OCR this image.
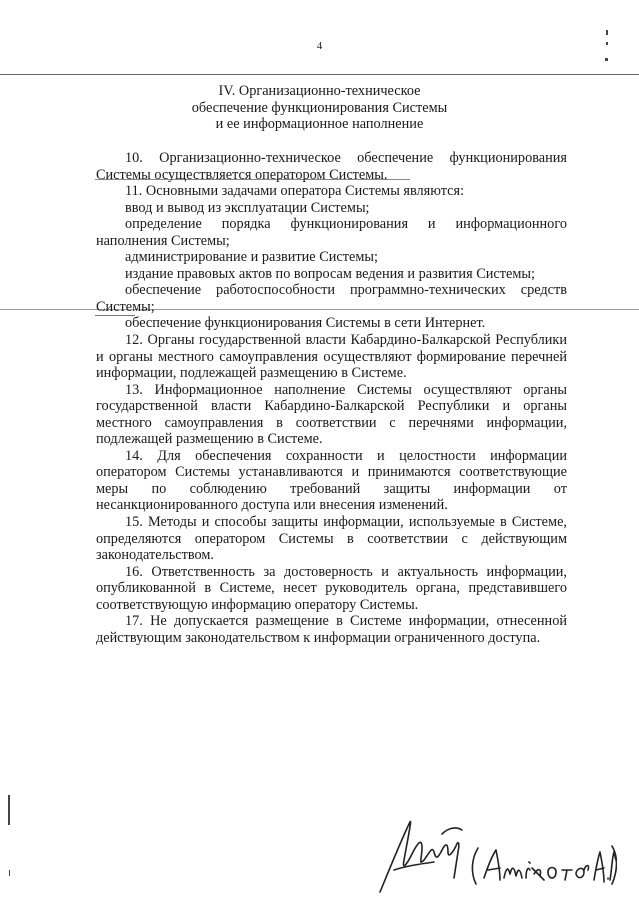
4
IV. Организационно-техническое
обеспечение функционирования Системы
и ее информационное наполнение
10. Организационно-техническое обеспечение функционирования Системы осуществляется оператором Системы.
11. Основными задачами оператора Системы являются:
ввод и вывод из эксплуатации Системы;
определение порядка функционирования и информационного наполнения Системы;
администрирование и развитие Системы;
издание правовых актов по вопросам ведения и развития Системы;
обеспечение работоспособности программно-технических средств Системы;
обеспечение функционирования Системы в сети Интернет.
12. Органы государственной власти Кабардино-Балкарской Республики и органы местного самоуправления осуществляют формирование перечней информации, подлежащей размещению в Системе.
13. Информационное наполнение Системы осуществляют органы государственной власти Кабардино-Балкарской Республики и органы местного самоуправления в соответствии с перечнями информации, подлежащей размещению в Системе.
14. Для обеспечения сохранности и целостности информации оператором Системы устанавливаются и принимаются соответствующие меры по соблюдению требований защиты информации от несанкционированного доступа или внесения изменений.
15. Методы и способы защиты информации, используемые в Системе, определяются оператором Системы в соответствии с действующим законодательством.
16. Ответственность за достоверность и актуальность информации, опубликованной в Системе, несет руководитель органа, представившего соответствующую информацию оператору Системы.
17. Не допускается размещение в Системе информации, отнесенной действующим законодательством к информации ограниченного доступа.
